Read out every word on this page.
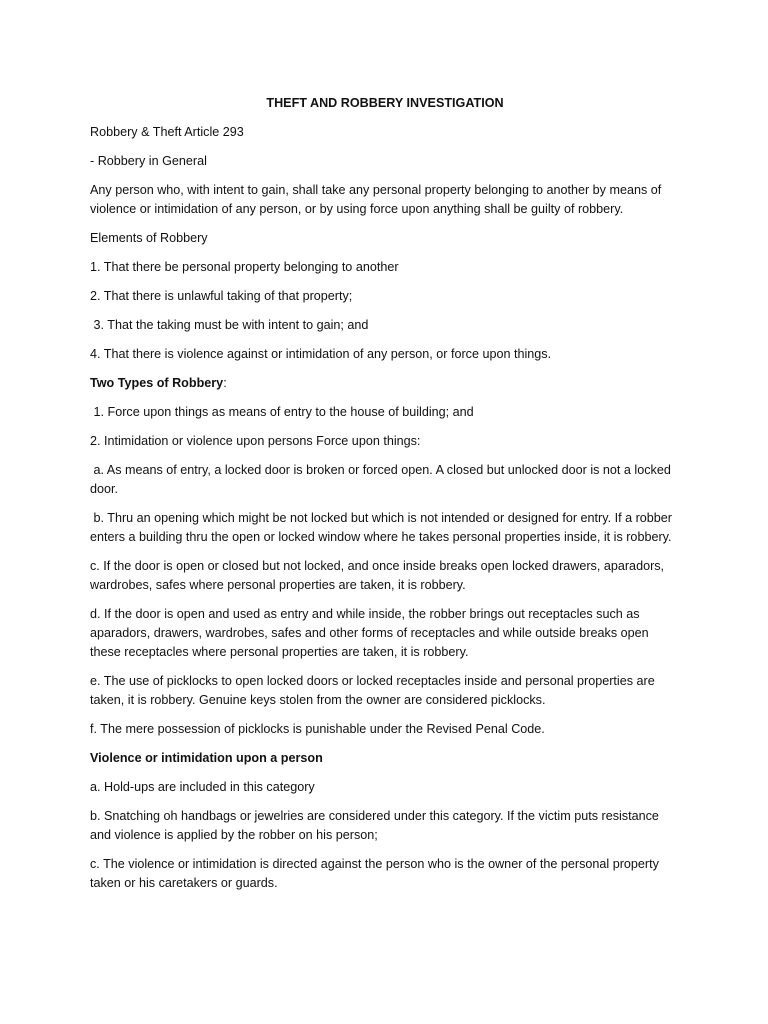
THEFT AND ROBBERY INVESTIGATION
Robbery & Theft Article 293
- Robbery in General
Any person who, with intent to gain, shall take any personal property belonging to another by means of violence or intimidation of any person, or by using force upon anything shall be guilty of robbery.
Elements of Robbery
1. That there be personal property belonging to another
2. That there is unlawful taking of that property;
3. That the taking must be with intent to gain; and
4. That there is violence against or intimidation of any person, or force upon things.
Two Types of Robbery:
1. Force upon things as means of entry to the house of building; and
2. Intimidation or violence upon persons Force upon things:
a. As means of entry, a locked door is broken or forced open. A closed but unlocked door is not a locked door.
b. Thru an opening which might be not locked but which is not intended or designed for entry. If a robber enters a building thru the open or locked window where he takes personal properties inside, it is robbery.
c. If the door is open or closed but not locked, and once inside breaks open locked drawers, aparadors, wardrobes, safes where personal properties are taken, it is robbery.
d. If the door is open and used as entry and while inside, the robber brings out receptacles such as aparadors, drawers, wardrobes, safes and other forms of receptacles and while outside breaks open these receptacles where personal properties are taken, it is robbery.
e. The use of picklocks to open locked doors or locked receptacles inside and personal properties are taken, it is robbery. Genuine keys stolen from the owner are considered picklocks.
f. The mere possession of picklocks is punishable under the Revised Penal Code.
Violence or intimidation upon a person
a. Hold-ups are included in this category
b. Snatching oh handbags or jewelries are considered under this category. If the victim puts resistance and violence is applied by the robber on his person;
c. The violence or intimidation is directed against the person who is the owner of the personal property taken or his caretakers or guards.
